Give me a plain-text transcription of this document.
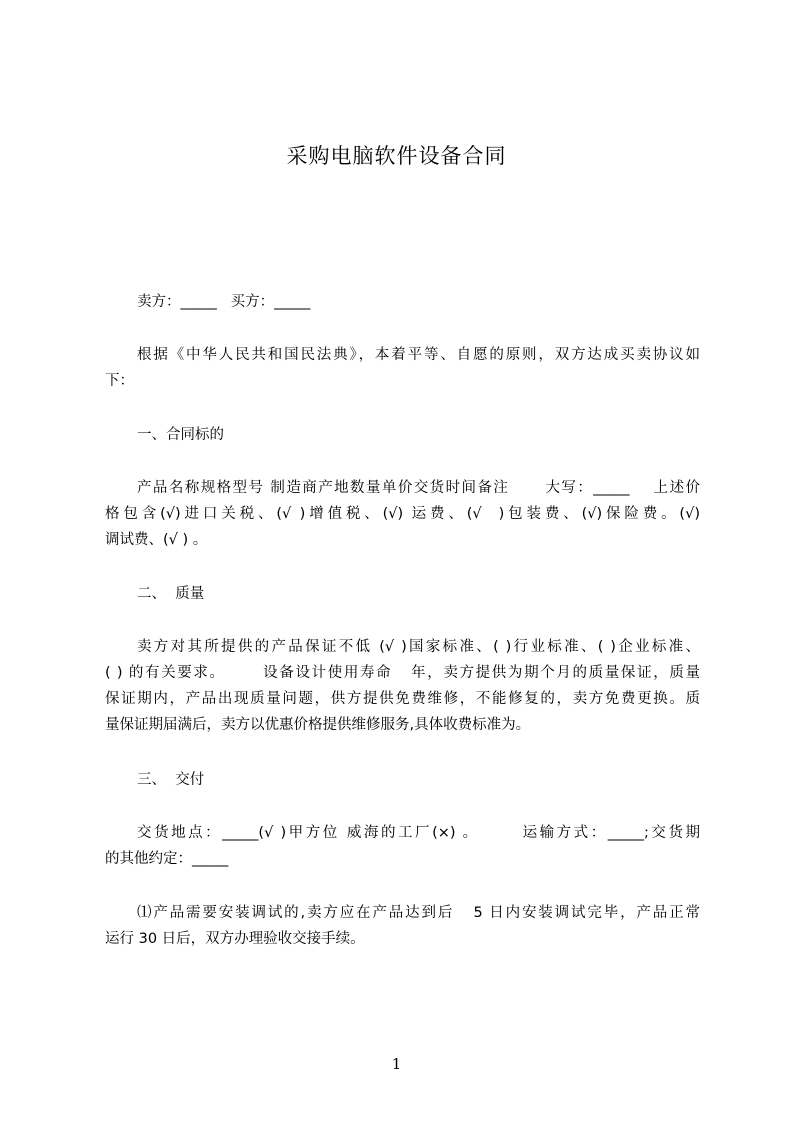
采购电脑软件设备合同
卖方：_____   买方：_____
根据《中华人民共和国民法典》，本着平等、自愿的原则，双方达成买卖协议如
下：
一、合同标的
产品名称规格型号 制造商产地数量单价交货时间备注      大写：_____    上述价
格包含(√)进口关税、(√ )增值税、(√) 运费、(√  )包装费、(√)保险费。(√)
调试费、(√ ) 。
二、  质量
卖方对其所提供的产品保证不低 (√ )国家标准、( )行业标准、( )企业标准、
( ) 的有关要求。      设备设计使用寿命   年，卖方提供为期个月的质量保证，质量
保证期内，产品出现质量问题，供方提供免费维修，不能修复的，卖方免费更换。质
量保证期届满后，卖方以优惠价格提供维修服务,具体收费标准为。
三、  交付
交货地点：_____(√ )甲方位 威海的工厂(×) 。      运输方式：_____;交货期
的其他约定：_____
⑴产品需要安装调试的,卖方应在产品达到后   5 日内安装调试完毕，产品正常
运行 30 日后，双方办理验收交接手续。
1
